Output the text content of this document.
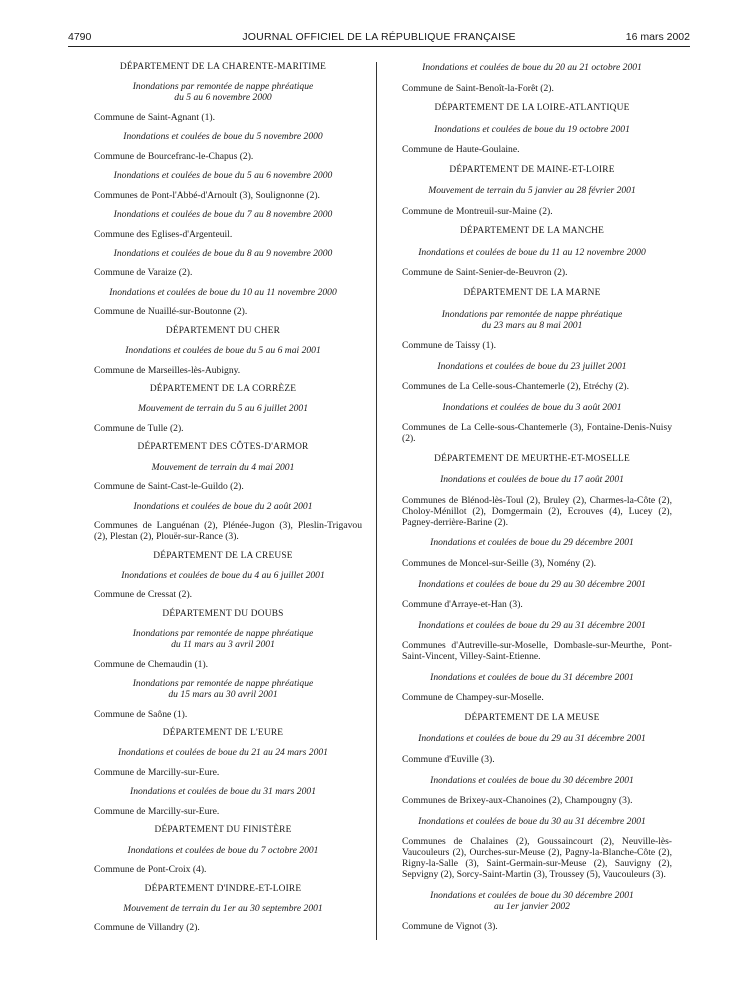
4790	JOURNAL OFFICIEL DE LA RÉPUBLIQUE FRANÇAISE	16 mars 2002
DÉPARTEMENT DE LA CHARENTE-MARITIME
Inondations par remontée de nappe phréatique
du 5 au 6 novembre 2000
Commune de Saint-Agnant (1).
Inondations et coulées de boue du 5 novembre 2000
Commune de Bourcefranc-le-Chapus (2).
Inondations et coulées de boue du 5 au 6 novembre 2000
Communes de Pont-l'Abbé-d'Arnoult (3), Soulignonne (2).
Inondations et coulées de boue du 7 au 8 novembre 2000
Commune des Eglises-d'Argenteuil.
Inondations et coulées de boue du 8 au 9 novembre 2000
Commune de Varaize (2).
Inondations et coulées de boue du 10 au 11 novembre 2000
Commune de Nuaillé-sur-Boutonne (2).
DÉPARTEMENT DU CHER
Inondations et coulées de boue du 5 au 6 mai 2001
Commune de Marseilles-lès-Aubigny.
DÉPARTEMENT DE LA CORRÈZE
Mouvement de terrain du 5 au 6 juillet 2001
Commune de Tulle (2).
DÉPARTEMENT DES CÔTES-D'ARMOR
Mouvement de terrain du 4 mai 2001
Commune de Saint-Cast-le-Guildo (2).
Inondations et coulées de boue du 2 août 2001
Communes de Languénan (2), Plénée-Jugon (3), Pleslin-Trigavou (2), Plestan (2), Plouër-sur-Rance (3).
DÉPARTEMENT DE LA CREUSE
Inondations et coulées de boue du 4 au 6 juillet 2001
Commune de Cressat (2).
DÉPARTEMENT DU DOUBS
Inondations par remontée de nappe phréatique
du 11 mars au 3 avril 2001
Commune de Chemaudin (1).
Inondations par remontée de nappe phréatique
du 15 mars au 30 avril 2001
Commune de Saône (1).
DÉPARTEMENT DE L'EURE
Inondations et coulées de boue du 21 au 24 mars 2001
Commune de Marcilly-sur-Eure.
Inondations et coulées de boue du 31 mars 2001
Commune de Marcilly-sur-Eure.
DÉPARTEMENT DU FINISTÈRE
Inondations et coulées de boue du 7 octobre 2001
Commune de Pont-Croix (4).
DÉPARTEMENT D'INDRE-ET-LOIRE
Mouvement de terrain du 1er au 30 septembre 2001
Commune de Villandry (2).
Inondations et coulées de boue du 20 au 21 octobre 2001
Commune de Saint-Benoît-la-Forêt (2).
DÉPARTEMENT DE LA LOIRE-ATLANTIQUE
Inondations et coulées de boue du 19 octobre 2001
Commune de Haute-Goulaine.
DÉPARTEMENT DE MAINE-ET-LOIRE
Mouvement de terrain du 5 janvier au 28 février 2001
Commune de Montreuil-sur-Maine (2).
DÉPARTEMENT DE LA MANCHE
Inondations et coulées de boue du 11 au 12 novembre 2000
Commune de Saint-Senier-de-Beuvron (2).
DÉPARTEMENT DE LA MARNE
Inondations par remontée de nappe phréatique
du 23 mars au 8 mai 2001
Commune de Taissy (1).
Inondations et coulées de boue du 23 juillet 2001
Communes de La Celle-sous-Chantemerle (2), Etréchy (2).
Inondations et coulées de boue du 3 août 2001
Communes de La Celle-sous-Chantemerle (3), Fontaine-Denis-Nuisy (2).
DÉPARTEMENT DE MEURTHE-ET-MOSELLE
Inondations et coulées de boue du 17 août 2001
Communes de Blénod-lès-Toul (2), Bruley (2), Charmes-la-Côte (2), Choloy-Ménillot (2), Domgermain (2), Ecrouves (4), Lucey (2), Pagney-derrière-Barine (2).
Inondations et coulées de boue du 29 décembre 2001
Communes de Moncel-sur-Seille (3), Nomény (2).
Inondations et coulées de boue du 29 au 30 décembre 2001
Commune d'Arraye-et-Han (3).
Inondations et coulées de boue du 29 au 31 décembre 2001
Communes d'Autreville-sur-Moselle, Dombasle-sur-Meurthe, Pont-Saint-Vincent, Villey-Saint-Etienne.
Inondations et coulées de boue du 31 décembre 2001
Commune de Champey-sur-Moselle.
DÉPARTEMENT DE LA MEUSE
Inondations et coulées de boue du 29 au 31 décembre 2001
Commune d'Euville (3).
Inondations et coulées de boue du 30 décembre 2001
Communes de Brixey-aux-Chanoines (2), Champougny (3).
Inondations et coulées de boue du 30 au 31 décembre 2001
Communes de Chalaines (2), Goussaincourt (2), Neuville-lès-Vaucouleurs (2), Ourches-sur-Meuse (2), Pagny-la-Blanche-Côte (2), Rigny-la-Salle (3), Saint-Germain-sur-Meuse (2), Sauvigny (2), Sepvigny (2), Sorcy-Saint-Martin (3), Troussey (5), Vaucouleurs (3).
Inondations et coulées de boue du 30 décembre 2001
au 1er janvier 2002
Commune de Vignot (3).
